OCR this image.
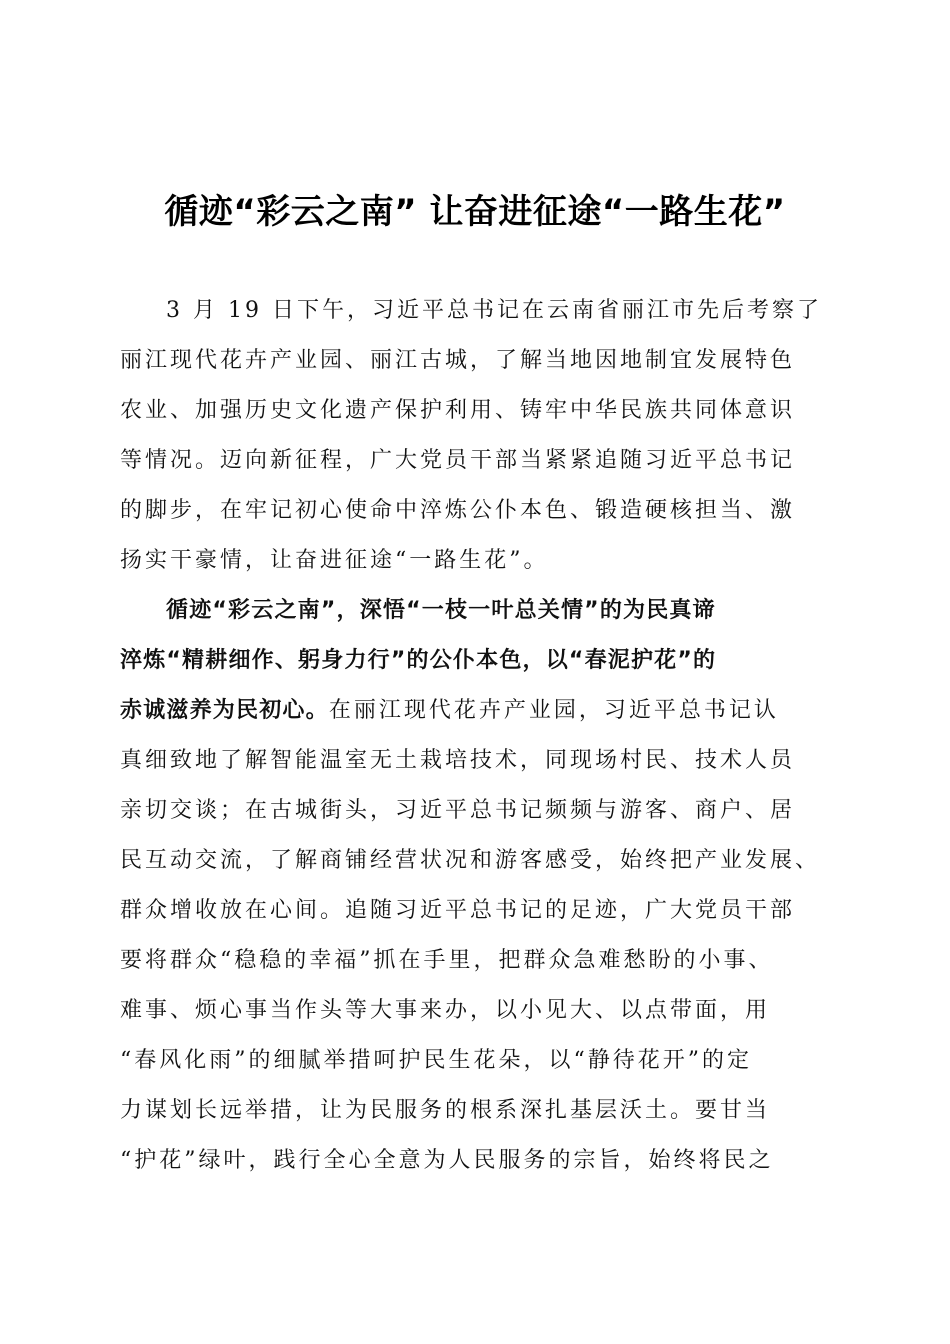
循迹“彩云之南” 让奋进征途“一路生花”
3 月 19 日下午，习近平总书记在云南省丽江市先后考察了
丽江现代花卉产业园、丽江古城，了解当地因地制宜发展特色
农业、加强历史文化遗产保护利用、铸牢中华民族共同体意识
等情况。迈向新征程，广大党员干部当紧紧追随习近平总书记
的脚步，在牢记初心使命中淬炼公仆本色、锻造硬核担当、激
扬实干豪情，让奋进征途“一路生花”。
循迹“彩云之南”，深悟“一枝一叶总关情”的为民真谛
淬炼“精耕细作、躬身力行”的公仆本色，以“春泥护花”的
赤诚滋养为民初心。在丽江现代花卉产业园，习近平总书记认
真细致地了解智能温室无土栽培技术，同现场村民、技术人员
亲切交谈；在古城街头，习近平总书记频频与游客、商户、居
民互动交流，了解商铺经营状况和游客感受，始终把产业发展、
群众增收放在心间。追随习近平总书记的足迹，广大党员干部
要将群众“稳稳的幸福”抓在手里，把群众急难愁盼的小事、
难事、烦心事当作头等大事来办，以小见大、以点带面，用
“春风化雨”的细腻举措呵护民生花朵，以“静待花开”的定
力谋划长远举措，让为民服务的根系深扎基层沃土。要甘当
“护花”绿叶，践行全心全意为人民服务的宗旨，始终将民之
